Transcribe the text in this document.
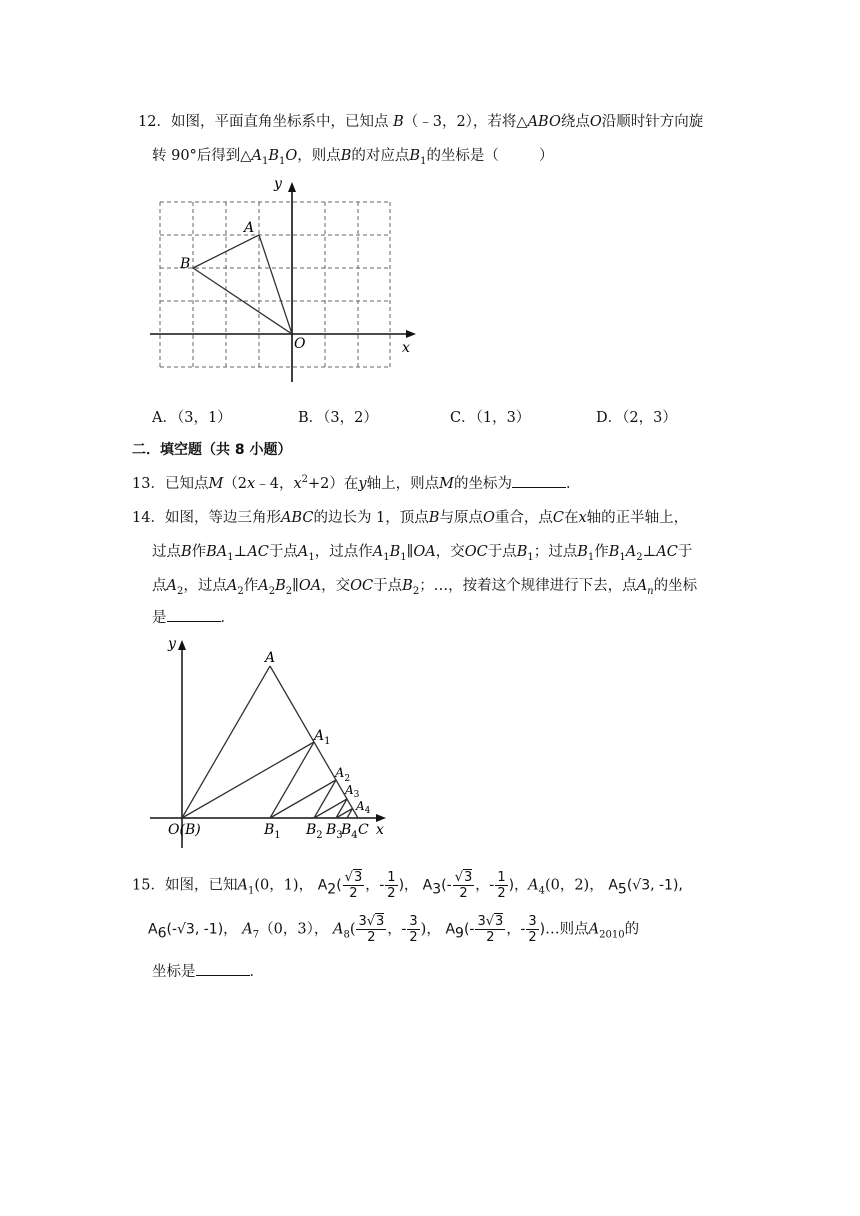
12．如图，平面直角坐标系中，已知点 B（﹣3，2），若将△ABO绕点O沿顺时针方向旋
转 90°后得到$\triangle A_1B_1O$，则点B的对应点$B_1$的坐标是（	）
y
x
O
A
B
A．（3，1）	B．（3，2）	C．（1，3）	D．（2，3）
二．填空题（共 8 小题）
13．已知点M（2x﹣4，$x^2+2$）在y轴上，则点M的坐标为	．
14．如图，等边三角形ABC的边长为 1，顶点B与原点O重合，点C在x轴的正半轴上，
过点B作$BA_1\perp AC$于点$A_1$，过点作$A_1B_1\parallel OA$，交OC于点$B_1$；过点$B_1$作$B_1A_2\perp AC$于
点$A_2$，过点$A_2$作$A_2B_2\parallel OA$，交OC于点$B_2$；…，按着这个规律进行下去，点$A_n$的坐标
是	．
y
x
O(B)
A
$A_1$
$A_2$
$A_3$
$A_4$
$B_1$ $B_2$ $B_3$
$B_4$ C
15．如图，已知$A_1(0$，1)， $A_2( \frac{√3}{2}$ ，- $\frac{1}{2}$ )， $A_3(- \frac{√3}{2}$ ，- $\frac{1}{2}$ )，$A_4(0$，2)， $A_5(√3$, -1),
$A_6(-√3$, -1)， $A_7(0$，3）， $A_8( \frac{3√3}{2}$ ，- $\frac{3}{2}$ )， $A_9(- \frac{3√3}{2}$ ，- $\frac{3}{2}$ )…则点$A_{2010}$的
坐标是	．
